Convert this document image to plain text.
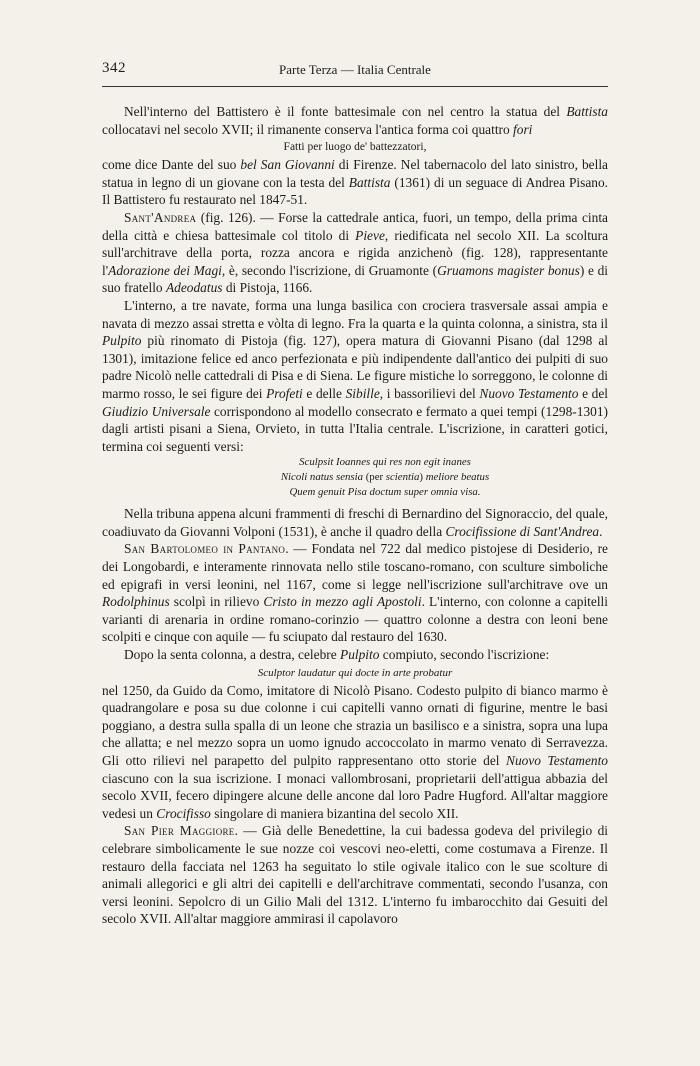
342	Parte Terza — Italia Centrale

Nell'interno del Battistero è il fonte battesimale con nel centro la statua del Battista collocatavi nel secolo XVII; il rimanente conserva l'antica forma coi quattro fori

Fatti per luogo de' battezzatori,

come dice Dante del suo bel San Giovanni di Firenze. Nel tabernacolo del lato sinistro, bella statua in legno di un giovane con la testa del Battista (1361) di un seguace di Andrea Pisano. Il Battistero fu restaurato nel 1847-51.

Sant'Andrea (fig. 126). — Forse la cattedrale antica, fuori, un tempo, della prima cinta della città e chiesa battesimale col titolo di Pieve, riedificata nel secolo XII. La scoltura sull'architrave della porta, rozza ancora e rigida anzichenò (fig. 128), rappresentante l'Adorazione dei Magi, è, secondo l'iscrizione, di Gruamonte (Gruamons magister bonus) e di suo fratello Adeodatus di Pistoja, 1166.

L'interno, a tre navate, forma una lunga basilica con crociera trasversale assai ampia e navata di mezzo assai stretta e vòlta di legno. Fra la quarta e la quinta colonna, a sinistra, sta il Pulpito più rinomato di Pistoja (fig. 127), opera matura di Giovanni Pisano (dal 1298 al 1301), imitazione felice ed anco perfezionata e più indipendente dall'antico dei pulpiti di suo padre Nicolò nelle cattedrali di Pisa e di Siena. Le figure mistiche lo sorreggono, le colonne di marmo rosso, le sei figure dei Profeti e delle Sibille, i bassorilievi del Nuovo Testamento e del Giudizio Universale corrispondono al modello consecrato e fermato a quei tempi (1298-1301) dagli artisti pisani a Siena, Orvieto, in tutta l'Italia centrale. L'iscrizione, in caratteri gotici, termina coi seguenti versi:

Sculpsit Ioannes qui res non egit inanes
Nicoli natus sensia (per scientia) meliore beatus
Quem genuit Pisa doctum super omnia visa.

Nella tribuna appena alcuni frammenti di freschi di Bernardino del Signoraccio, del quale, coadiuvato da Giovanni Volponi (1531), è anche il quadro della Crocifissione di Sant'Andrea.

San Bartolomeo in Pantano. — Fondata nel 722 dal medico pistojese di Desiderio, re dei Longobardi, e interamente rinnovata nello stile toscano-romano, con sculture simboliche ed epigrafi in versi leonini, nel 1167, come si legge nell'iscrizione sull'architrave ove un Rodolphinus scolpì in rilievo Cristo in mezzo agli Apostoli. L'interno, con colonne a capitelli varianti di arenaria in ordine romano-corinzio — quattro colonne a destra con leoni bene scolpiti e cinque con aquile — fu sciupato dal restauro del 1630.

Dopo la senta colonna, a destra, celebre Pulpito compiuto, secondo l'iscrizione:

Sculptor laudatur qui docte in arte probatur

nel 1250, da Guido da Como, imitatore di Nicolò Pisano. Codesto pulpito di bianco marmo è quadrangolare e posa su due colonne i cui capitelli vanno ornati di figurine, mentre le basi poggiano, a destra sulla spalla di un leone che strazia un basilisco e a sinistra, sopra una lupa che allatta; e nel mezzo sopra un uomo ignudo accoccolato in marmo venato di Serravezza. Gli otto rilievi nel parapetto del pulpito rappresentano otto storie del Nuovo Testamento ciascuno con la sua iscrizione. I monaci vallombrosani, proprietarii dell'attigua abbazia del secolo XVII, fecero dipingere alcune delle ancone dal loro Padre Hugford. All'altar maggiore vedesi un Crocifisso singolare di maniera bizantina del secolo XII.

San Pier Maggiore. — Già delle Benedettine, la cui badessa godeva del privilegio di celebrare simbolicamente le sue nozze coi vescovi neo-eletti, come costumava a Firenze. Il restauro della facciata nel 1263 ha seguitato lo stile ogivale italico con le sue scolture di animali allegorici e gli altri dei capitelli e dell'architrave commentati, secondo l'usanza, con versi leonini. Sepolcro di un Gilio Mali del 1312. L'interno fu imbarocchito dai Gesuiti del secolo XVII. All'altar maggiore ammirasi il capolavoro
